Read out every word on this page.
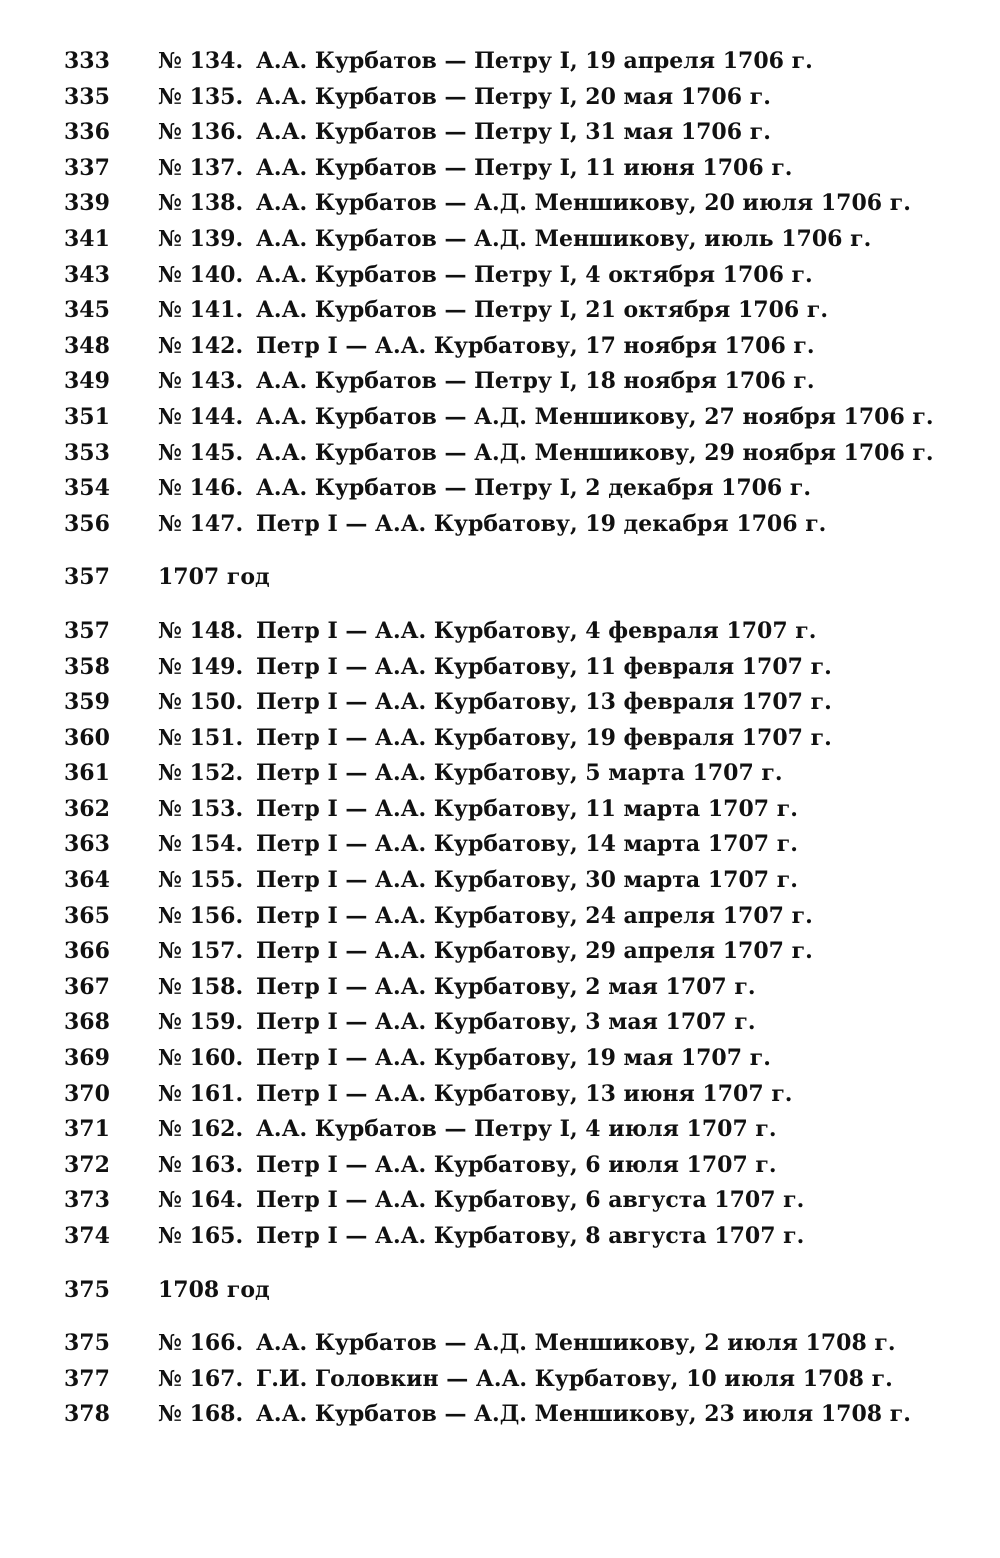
333	№ 134. А.А. Курбатов — Петру I, 19 апреля 1706 г.
335	№ 135. А.А. Курбатов — Петру I, 20 мая 1706 г.
336	№ 136. А.А. Курбатов — Петру I, 31 мая 1706 г.
337	№ 137. А.А. Курбатов — Петру I, 11 июня 1706 г.
339	№ 138. А.А. Курбатов — А.Д. Меншикову, 20 июля 1706 г.
341	№ 139. А.А. Курбатов — А.Д. Меншикову, июль 1706 г.
343	№ 140. А.А. Курбатов — Петру I, 4 октября 1706 г.
345	№ 141. А.А. Курбатов — Петру I, 21 октября 1706 г.
348	№ 142. Петр I — А.А. Курбатову, 17 ноября 1706 г.
349	№ 143. А.А. Курбатов — Петру I, 18 ноября 1706 г.
351	№ 144. А.А. Курбатов — А.Д. Меншикову, 27 ноября 1706 г.
353	№ 145. А.А. Курбатов — А.Д. Меншикову, 29 ноября 1706 г.
354	№ 146. А.А. Курбатов — Петру I, 2 декабря 1706 г.
356	№ 147. Петр I — А.А. Курбатову, 19 декабря 1706 г.
357	1707 год
357	№ 148. Петр I — А.А. Курбатову, 4 февраля 1707 г.
358	№ 149. Петр I — А.А. Курбатову, 11 февраля 1707 г.
359	№ 150. Петр I — А.А. Курбатову, 13 февраля 1707 г.
360	№ 151. Петр I — А.А. Курбатову, 19 февраля 1707 г.
361	№ 152. Петр I — А.А. Курбатову, 5 марта 1707 г.
362	№ 153. Петр I — А.А. Курбатову, 11 марта 1707 г.
363	№ 154. Петр I — А.А. Курбатову, 14 марта 1707 г.
364	№ 155. Петр I — А.А. Курбатову, 30 марта 1707 г.
365	№ 156. Петр I — А.А. Курбатову, 24 апреля 1707 г.
366	№ 157. Петр I — А.А. Курбатову, 29 апреля 1707 г.
367	№ 158. Петр I — А.А. Курбатову, 2 мая 1707 г.
368	№ 159. Петр I — А.А. Курбатову, 3 мая 1707 г.
369	№ 160. Петр I — А.А. Курбатову, 19 мая 1707 г.
370	№ 161. Петр I — А.А. Курбатову, 13 июня 1707 г.
371	№ 162. А.А. Курбатов — Петру I, 4 июля 1707 г.
372	№ 163. Петр I — А.А. Курбатову, 6 июля 1707 г.
373	№ 164. Петр I — А.А. Курбатову, 6 августа 1707 г.
374	№ 165. Петр I — А.А. Курбатову, 8 августа 1707 г.
375	1708 год
375	№ 166. А.А. Курбатов — А.Д. Меншикову, 2 июля 1708 г.
377	№ 167. Г.И. Головкин — А.А. Курбатову, 10 июля 1708 г.
378	№ 168. А.А. Курбатов — А.Д. Меншикову, 23 июля 1708 г.
